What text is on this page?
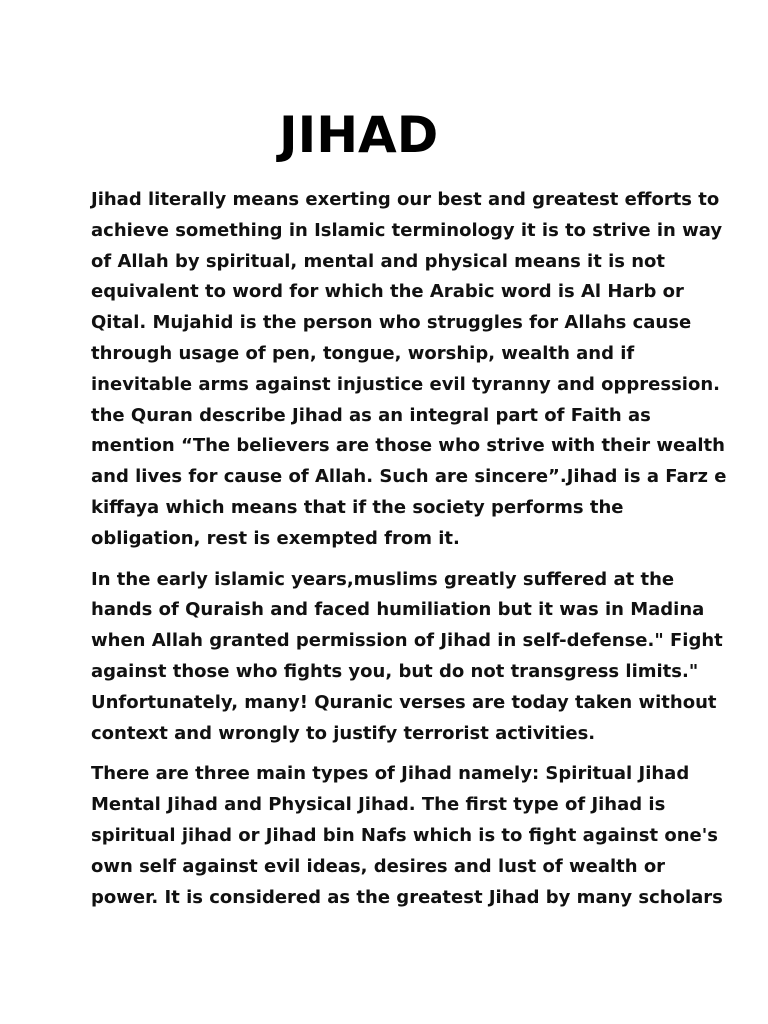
JIHAD
Jihad literally means exerting our best and greatest efforts to
achieve something in Islamic terminology it is to strive in way
of Allah by spiritual, mental and physical means it is not
equivalent to word for which the Arabic word is Al Harb or
Qital. Mujahid is the person who struggles for Allahs cause
through usage of pen, tongue, worship, wealth and if
inevitable arms against injustice evil tyranny and oppression.
the Quran describe Jihad as an integral part of Faith as
mention “The believers are those who strive with their wealth
and lives for cause of Allah. Such are sincere”.Jihad is a Farz e
kiffaya which means that if the society performs the
obligation, rest is exempted from it.
In the early islamic years,muslims greatly suffered at the
hands of Quraish and faced humiliation but it was in Madina
when Allah granted permission of Jihad in self-defense." Fight
against those who fights you, but do not transgress limits."
Unfortunately, many! Quranic verses are today taken without
context and wrongly to justify terrorist activities.
There are three main types of Jihad namely: Spiritual Jihad
Mental Jihad and Physical Jihad. The first type of Jihad is
spiritual jihad or Jihad bin Nafs which is to fight against one's
own self against evil ideas, desires and lust of wealth or
power. It is considered as the greatest Jihad by many scholars
